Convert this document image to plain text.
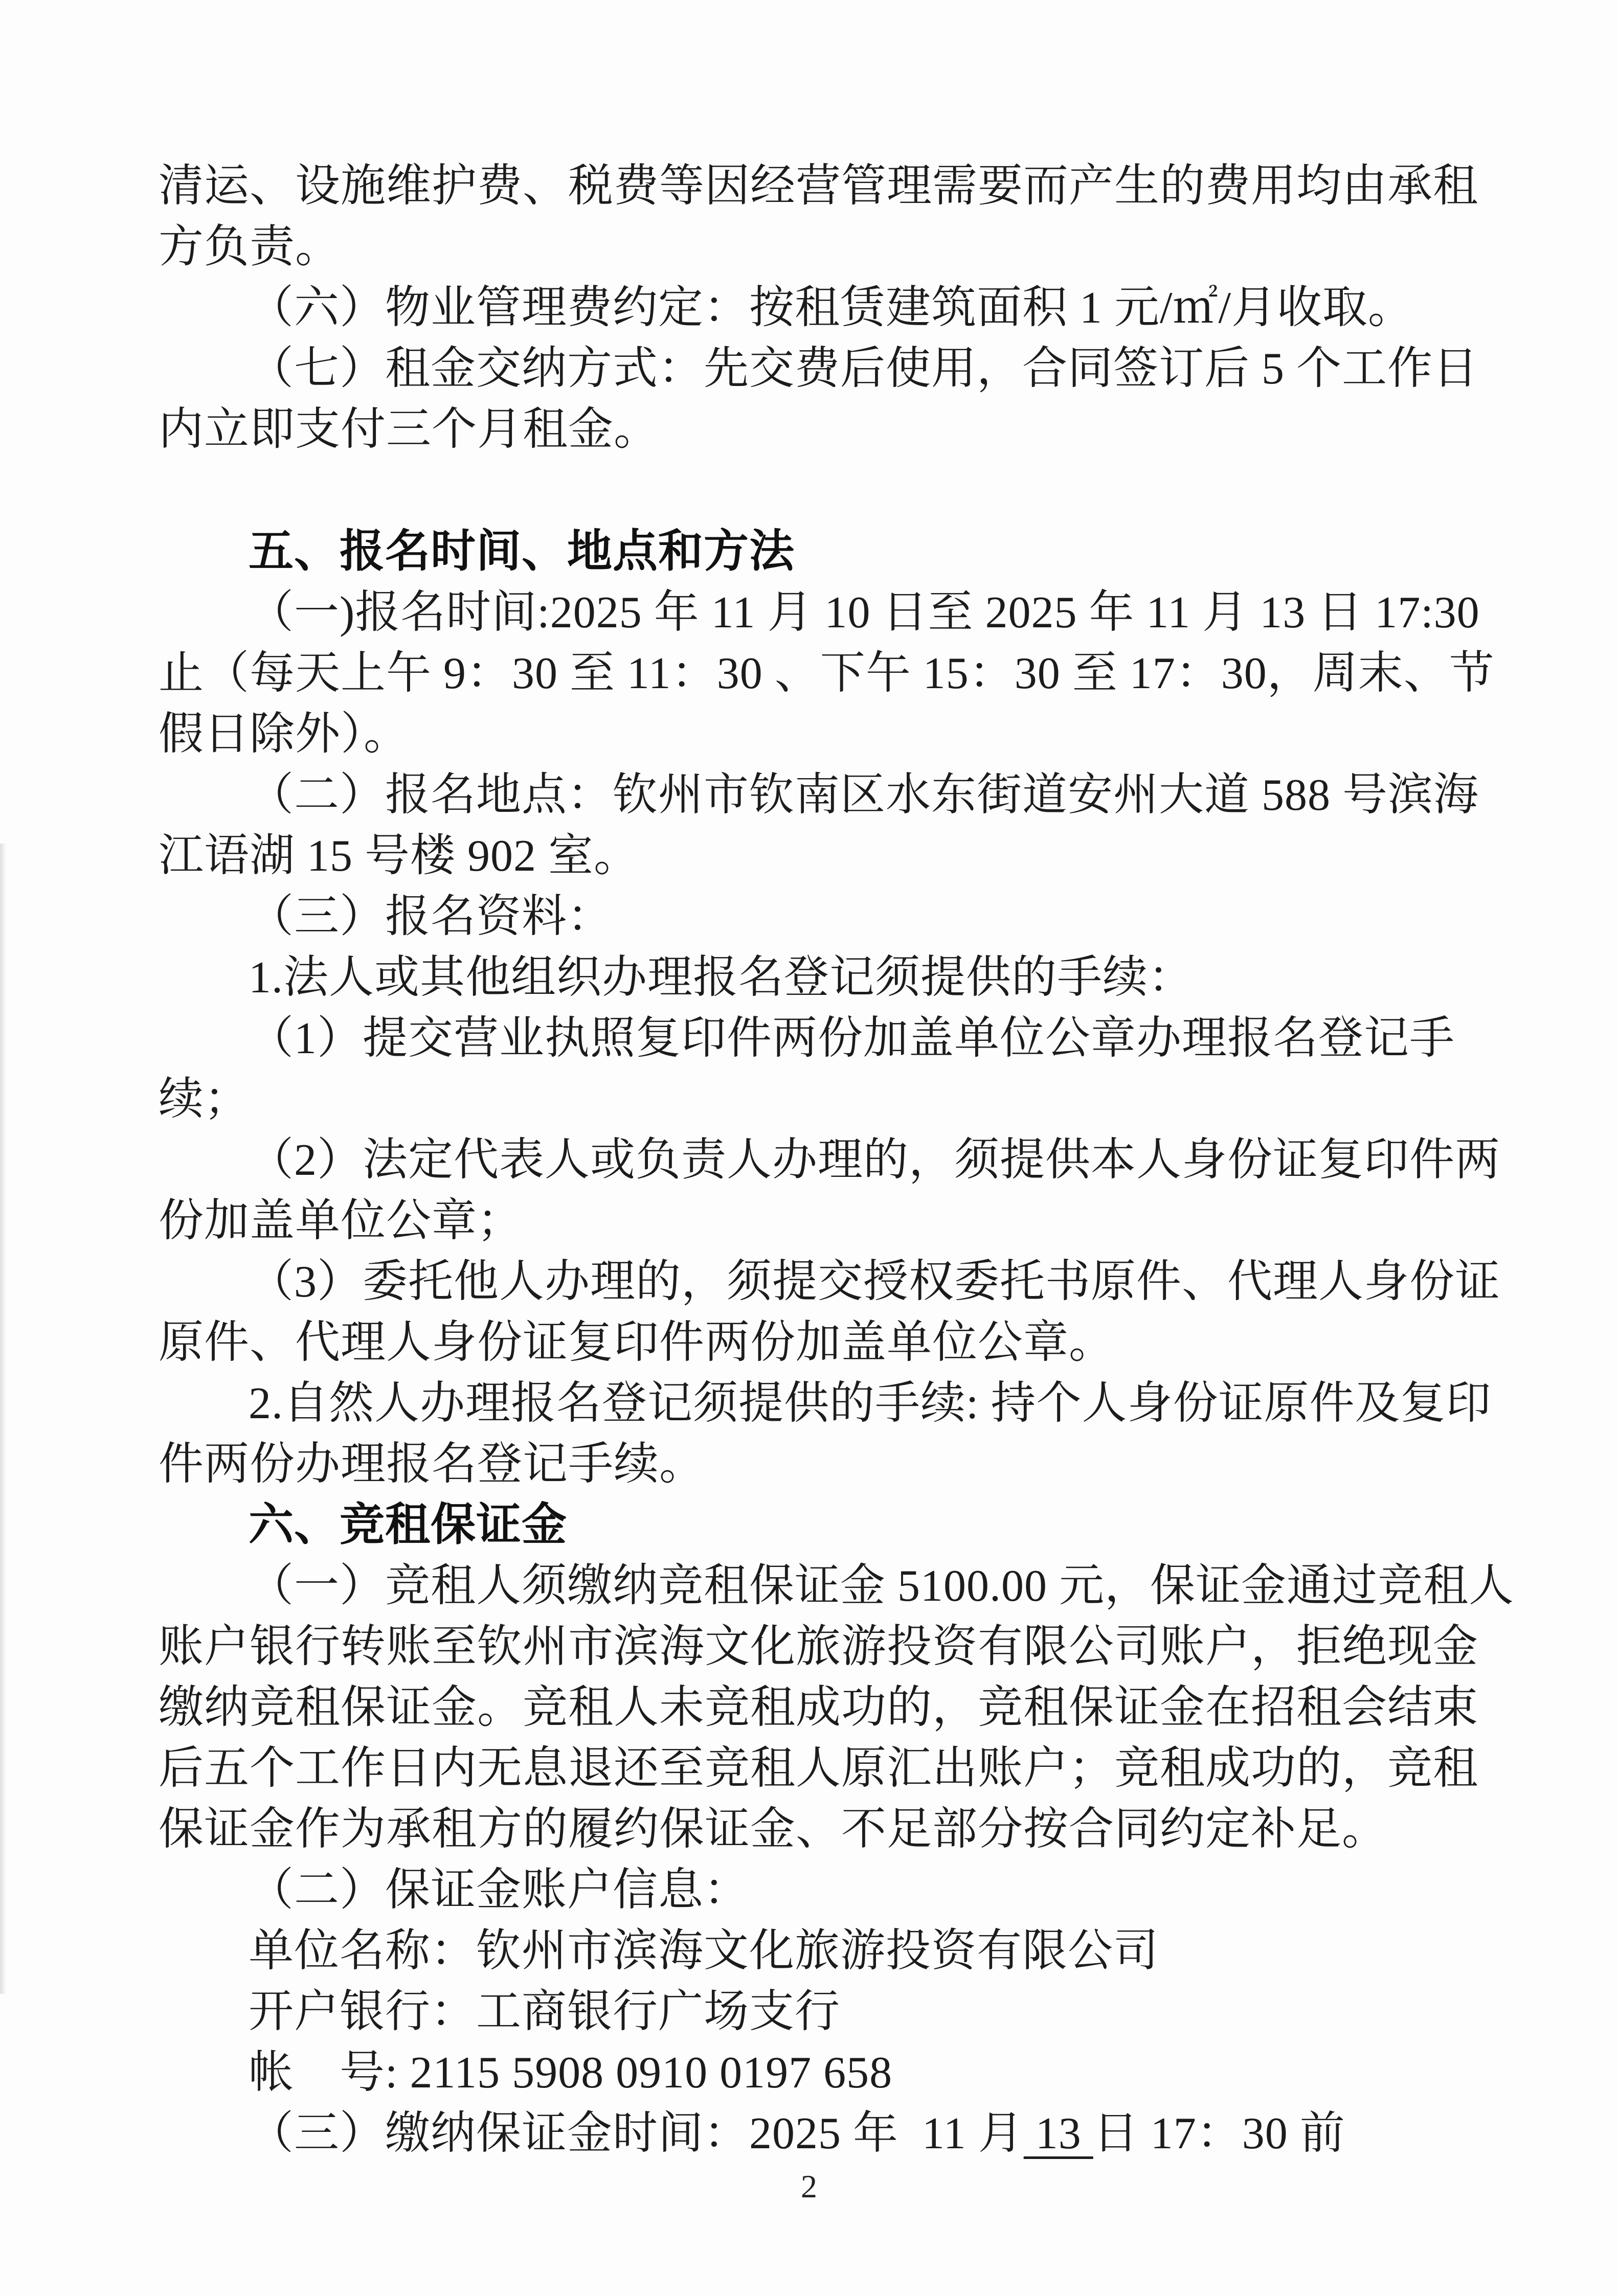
清运、设施维护费、税费等因经营管理需要而产生的费用均由承租
方负责。
（六）物业管理费约定：按租赁建筑面积 1 元/㎡/月收取。
（七）租金交纳方式：先交费后使用，合同签订后 5 个工作日
内立即支付三个月租金。
五、报名时间、地点和方法
（一)报名时间:2025 年 11 月 10 日至 2025 年 11 月 13 日 17:30
止（每天上午 9：30 至 11：30 、下午 15：30 至 17：30，周末、节
假日除外）。
（二）报名地点：钦州市钦南区水东街道安州大道 588 号滨海
江语湖 15 号楼 902 室。
（三）报名资料：
1.法人或其他组织办理报名登记须提供的手续：
（1）提交营业执照复印件两份加盖单位公章办理报名登记手
续；
（2）法定代表人或负责人办理的，须提供本人身份证复印件两
份加盖单位公章；
（3）委托他人办理的，须提交授权委托书原件、代理人身份证
原件、代理人身份证复印件两份加盖单位公章。
2.自然人办理报名登记须提供的手续: 持个人身份证原件及复印
件两份办理报名登记手续。
六、竞租保证金
（一）竞租人须缴纳竞租保证金 5100.00 元，保证金通过竞租人
账户银行转账至钦州市滨海文化旅游投资有限公司账户，拒绝现金
缴纳竞租保证金。竞租人未竞租成功的，竞租保证金在招租会结束
后五个工作日内无息退还至竞租人原汇出账户；竞租成功的，竞租
保证金作为承租方的履约保证金、不足部分按合同约定补足。
（二）保证金账户信息：
单位名称：钦州市滨海文化旅游投资有限公司
开户银行：工商银行广场支行
帐　号: 2115 5908 0910 0197 658
（三）缴纳保证金时间：2025 年  11 月 13 日 17：30 前
2
